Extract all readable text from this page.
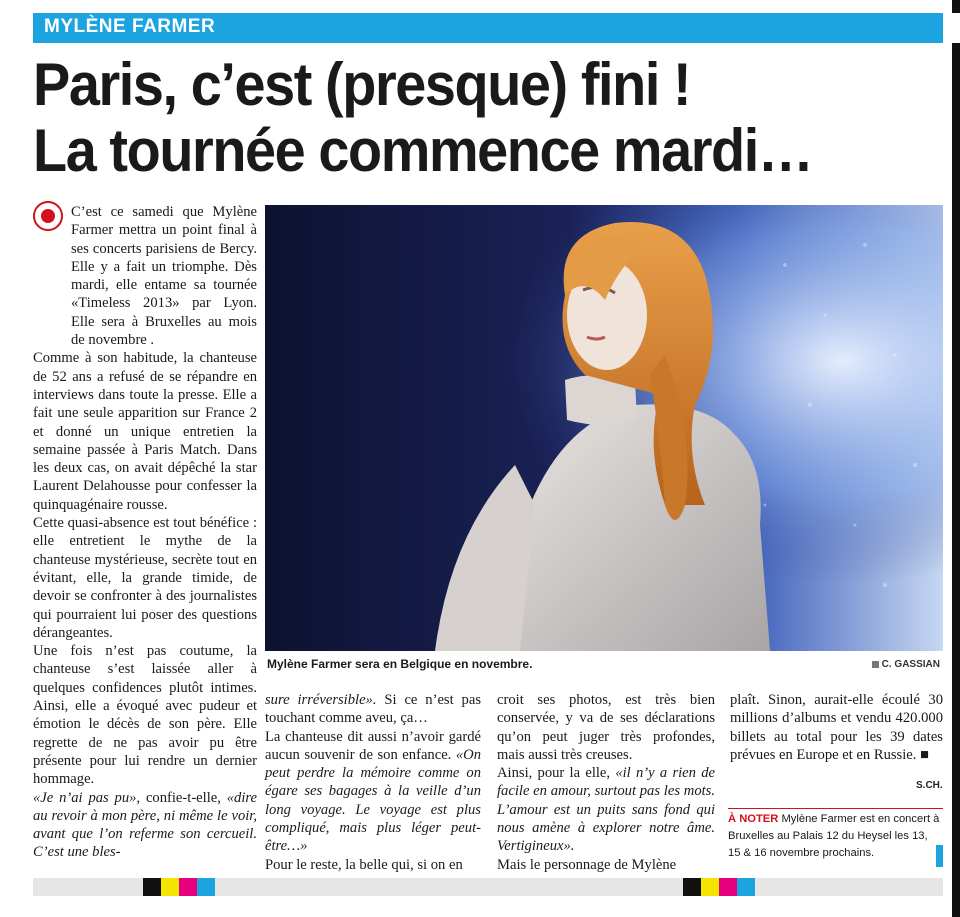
MYLÈNE FARMER
Paris, c’est (presque) fini !
La tournée commence mardi…
Mylène Farmer sera en Belgique en novembre.	C. GASSIAN

C’est ce samedi que Mylène Farmer mettra un point final à ses concerts parisiens de Bercy. Elle y a fait un triomphe. Dès mardi, elle entame sa tournée «Timeless 2013» par Lyon. Elle sera à Bruxelles au mois de novembre .

Comme à son habitude, la chanteuse de 52 ans a refusé de se répandre en interviews dans toute la presse. Elle a fait une seule apparition sur France 2 et donné un unique entretien la semaine passée à Paris Match. Dans les deux cas, on avait dépêché la star Laurent Delahousse pour confesser la quinquagénaire rousse.

Cette quasi-absence est tout bénéfice : elle entretient le mythe de la chanteuse mystérieuse, secrète tout en évitant, elle, la grande timide, de devoir se confronter à des journalistes qui pourraient lui poser des questions dérangeantes.

Une fois n’est pas coutume, la chanteuse s’est laissée aller à quelques confidences plutôt intimes. Ainsi, elle a évoqué avec pudeur et émotion le décès de son père. Elle regrette de ne pas avoir pu être présente pour lui rendre un dernier hommage.

«Je n’ai pas pu», confie-t-elle, «dire au revoir à mon père, ni même le voir, avant que l’on referme son cercueil. C’est une bles-

sure irréversible». Si ce n’est pas touchant comme aveu, ça…

La chanteuse dit aussi n’avoir gardé aucun souvenir de son enfance. «On peut perdre la mémoire comme on égare ses bagages à la veille d’un long voyage. Le voyage est plus compliqué, mais plus léger peut-être…»

Pour le reste, la belle qui, si on en

croit ses photos, est très bien conservée, y va de ses déclarations qu’on peut juger très profondes, mais aussi très creuses.

Ainsi, pour la elle, «il n’y a rien de facile en amour, surtout pas les mots. L’amour est un puits sans fond qui nous amène à explorer notre âme. Vertigineux».

Mais le personnage de Mylène

plaît. Sinon, aurait-elle écoulé 30 millions d’albums et vendu 420.000 billets au total pour les 39 dates prévues en Europe et en Russie. ■

S.CH.
À NOTER Mylène Farmer est en concert à Bruxelles au Palais 12 du Heysel les 13, 15 & 16 novembre prochains.
